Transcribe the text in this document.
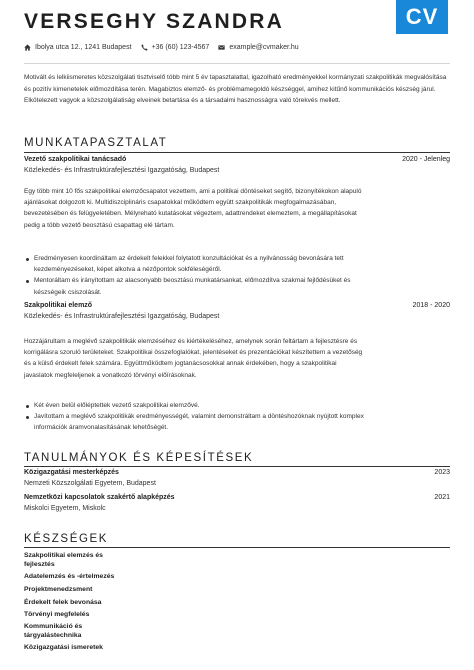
VERSEGHY SZANDRA	CV
Ibolya utca 12., 1241 Budapest	+36 (60) 123-4567	example@cvmaker.hu
Motivált és lelkiismeretes közszolgálati tisztviselő több mint 5 év tapasztalattal, igazolható eredményekkel kormányzati szakpolitikák megvalósítása és pozitív kimenetelek előmozdítása terén. Magabiztos elemző- és problémamegoldó készséggel, amihez kitűnő kommunikációs készség járul. Elkötelezett vagyok a közszolgálatiság elveinek betartása és a társadalmi hasznosságra való törekvés mellett.
MUNKATAPASZTALAT
Vezető szakpolitikai tanácsadó	2020 - Jelenleg
Közlekedés- és Infrastruktúrafejlesztési Igazgatóság, Budapest
Egy több mint 10 fős szakpolitikai elemzőcsapatot vezettem, ami a politikai döntéseket segítő, bizonyítékokon alapuló ajánlásokat dolgozott ki. Multidiszciplináris csapatokkal működtem együtt szakpolitikák megfogalmazásában, bevezetésében és felügyeletében. Mélyreható kutatásokat végeztem, adattrendeket elemeztem, a megállapításokat pedig a több vezető beosztású csapattag elé tártam.
Eredményesen koordináltam az érdekelt felekkel folytatott konzultációkat és a nyilvánosság bevonására tett kezdeményezéseket, képet alkotva a nézőpontok sokféleségéről.
Mentoráltam és irányítottam az alacsonyabb beosztású munkatársankat, előmozdítva szakmai fejlődésüket és készségeik csiszolását.
Szakpolitikai elemző	2018 - 2020
Közlekedés- és Infrastruktúrafejlesztési Igazgatóság, Budapest
Hozzájárultam a meglévő szakpolitikák elemzéséhez és kiértékeléséhez, amelynek során feltártam a fejlesztésre és korrigálásra szoruló területeket. Szakpolitikai összefoglalókat, jelentéseket és prezentációkat készítettem a vezetőség és a külső érdekelt felek számára. Együttműködtem jogtanácsosokkal annak érdekében, hogy a szakpolitikai javaslatok megfeleljenek a vonatkozó törvényi előírásoknak.
Két éven belül előléptettek vezető szakpolitikai elemzővé.
Javítottam a meglévő szakpolitikák eredményességét, valamint demonstráltam a döntéshozóknak nyújtott komplex információk áramvonalasításának lehetőségét.
TANULMÁNYOK ÉS KÉPESÍTÉSEK
Közigazgatási mesterképzés	2023
Nemzeti Közszolgálati Egyetem, Budapest
Nemzetközi kapcsolatok szakértő alapképzés	2021
Miskolci Egyetem, Miskolc
KÉSZSÉGEK
Szakpolitikai elemzés és fejlesztés
Adatelemzés és -értelmezés
Projektmenedzsment
Érdekelt felek bevonása
Törvényi megfelelés
Kommunikáció és tárgyalástechnika
Közigazgatási ismeretek
